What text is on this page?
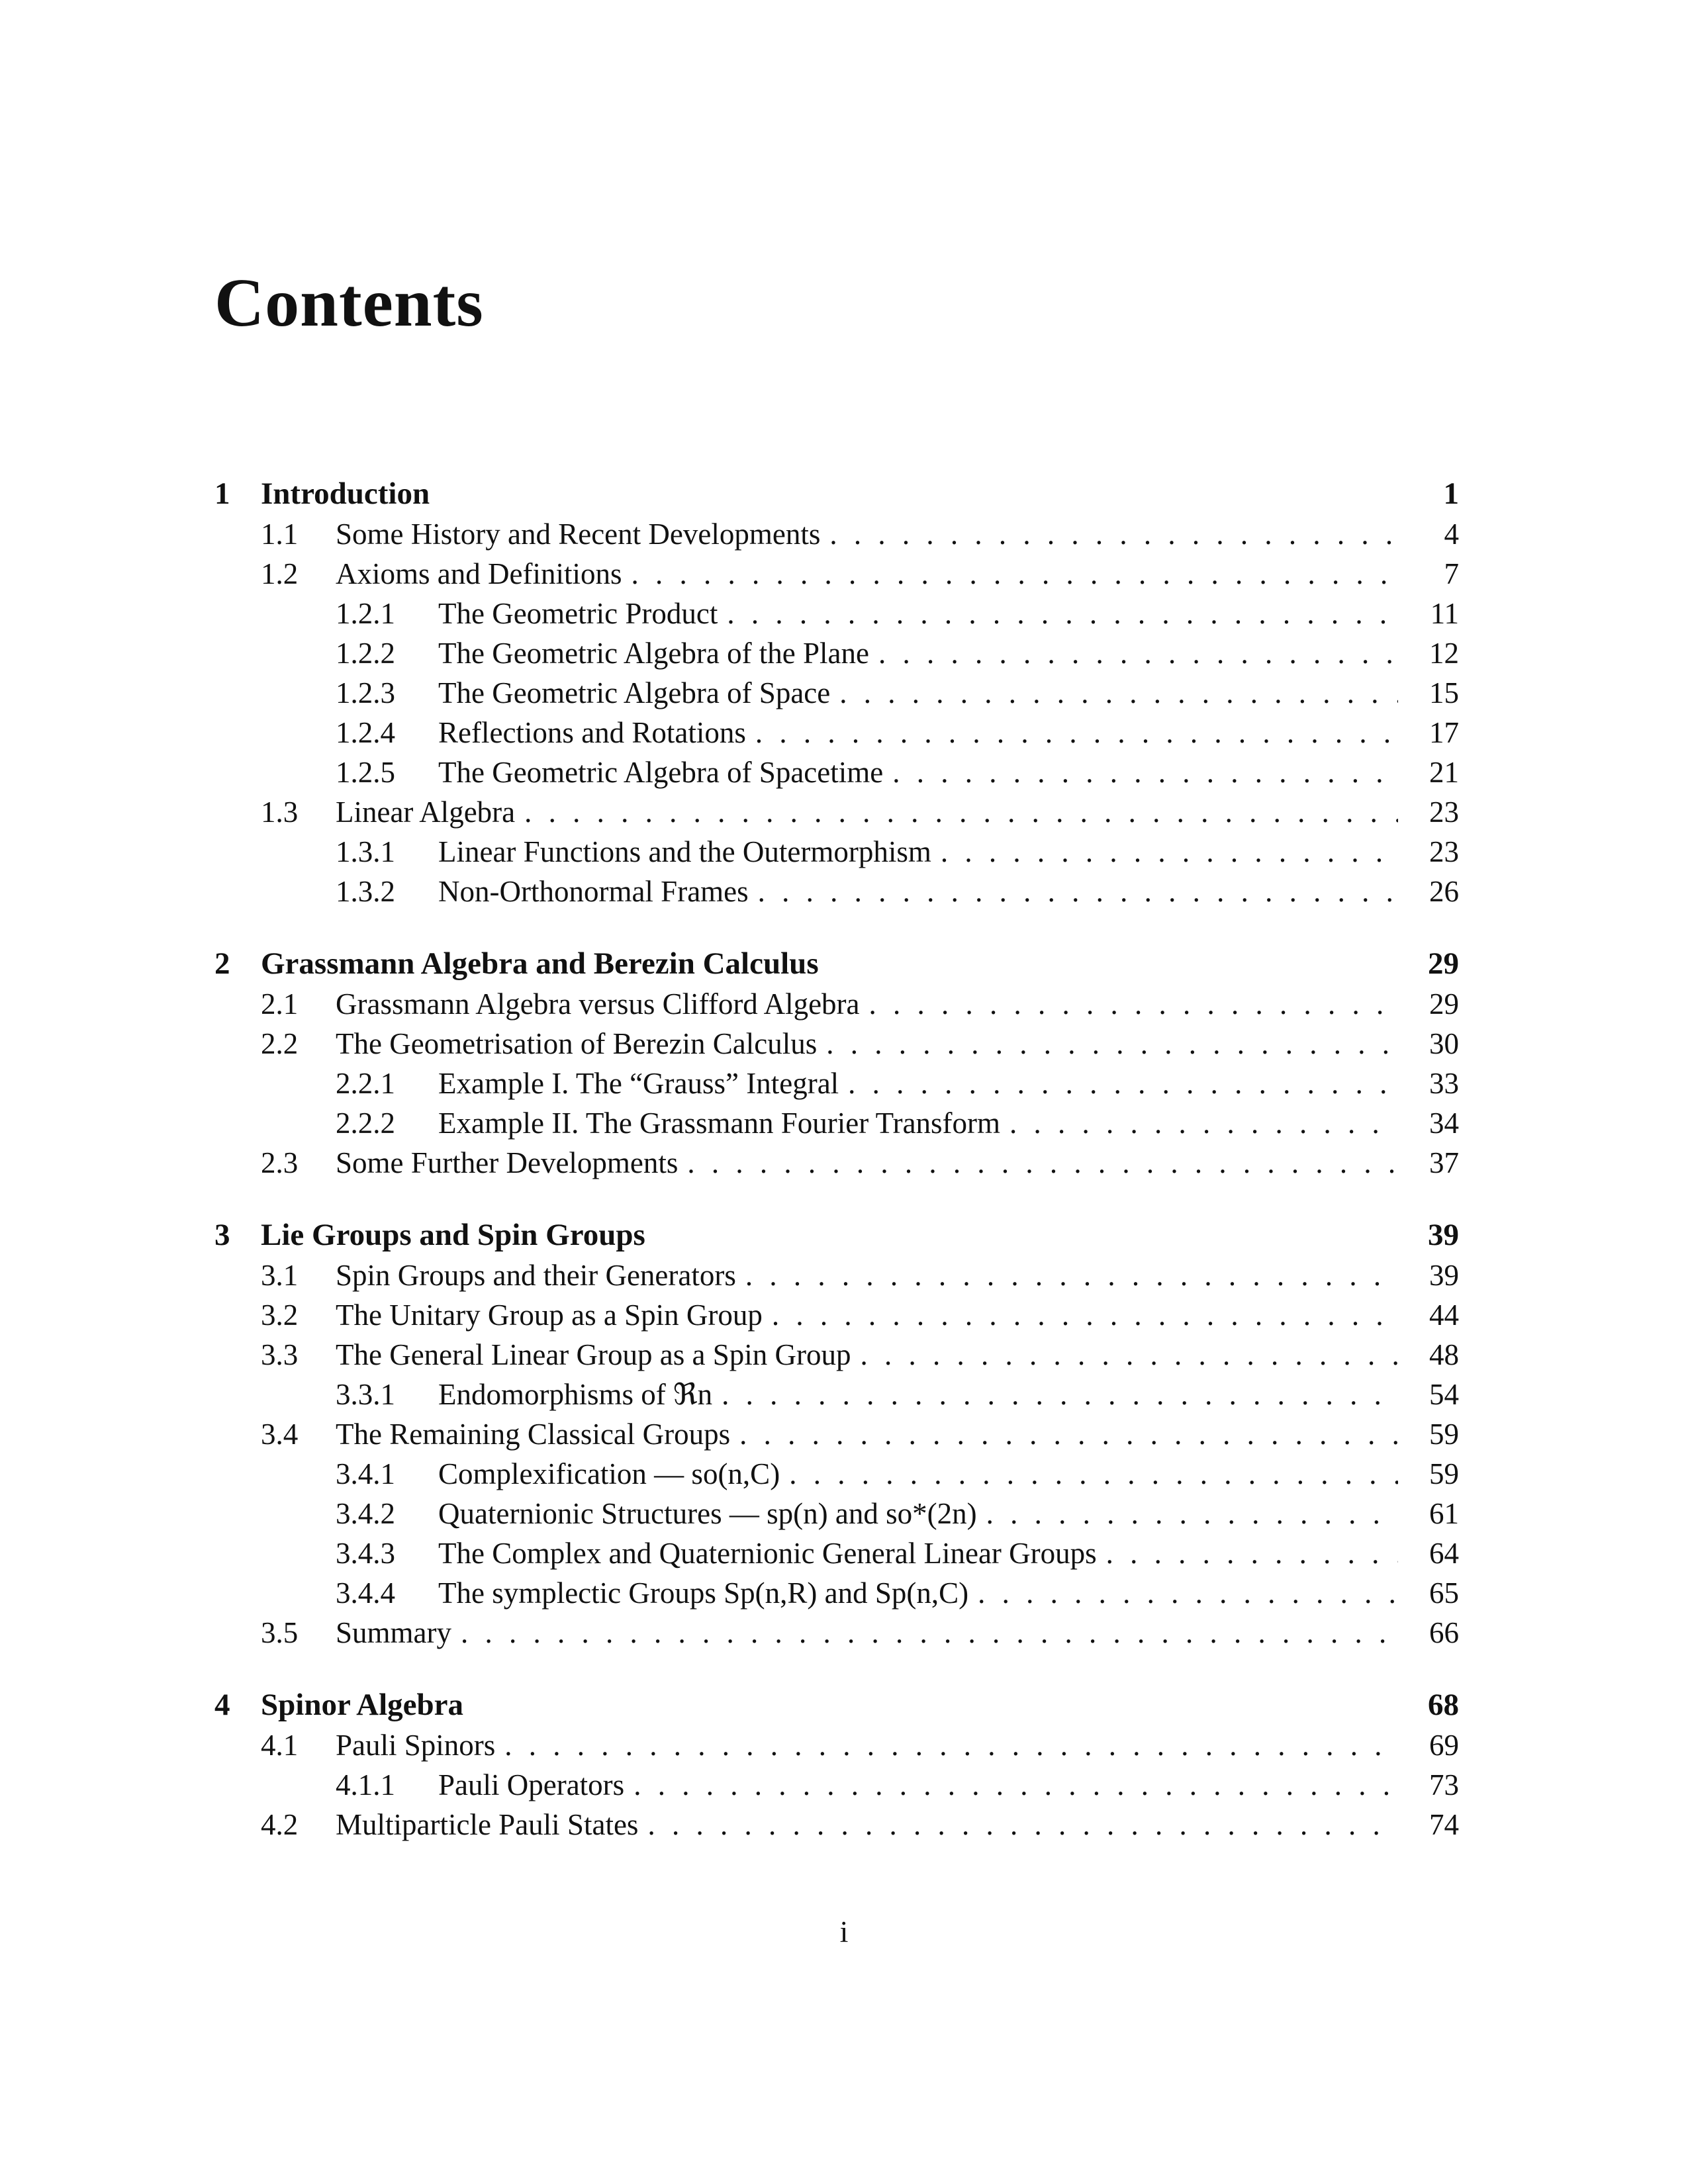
Contents
1 Introduction	1
1.1 Some History and Recent Developments . . .	4
1.2 Axioms and Definitions . . .	7
1.2.1 The Geometric Product . . .	11
1.2.2 The Geometric Algebra of the Plane . . .	12
1.2.3 The Geometric Algebra of Space . . .	15
1.2.4 Reflections and Rotations . . .	17
1.2.5 The Geometric Algebra of Spacetime . . .	21
1.3 Linear Algebra . . .	23
1.3.1 Linear Functions and the Outermorphism . . .	23
1.3.2 Non-Orthonormal Frames . . .	26
2 Grassmann Algebra and Berezin Calculus	29
2.1 Grassmann Algebra versus Clifford Algebra . . .	29
2.2 The Geometrisation of Berezin Calculus . . .	30
2.2.1 Example I. The “Grauss” Integral . . .	33
2.2.2 Example II. The Grassmann Fourier Transform . . .	34
2.3 Some Further Developments . . .	37
3 Lie Groups and Spin Groups	39
3.1 Spin Groups and their Generators . . .	39
3.2 The Unitary Group as a Spin Group . . .	44
3.3 The General Linear Group as a Spin Group . . .	48
3.3.1 Endomorphisms of ℜn . . .	54
3.4 The Remaining Classical Groups . . .	59
3.4.1 Complexification — so(n,C) . . .	59
3.4.2 Quaternionic Structures — sp(n) and so*(2n) . . .	61
3.4.3 The Complex and Quaternionic General Linear Groups . . .	64
3.4.4 The symplectic Groups Sp(n,R) and Sp(n,C) . . .	65
3.5 Summary . . .	66
4 Spinor Algebra	68
4.1 Pauli Spinors . . .	69
4.1.1 Pauli Operators . . .	73
4.2 Multiparticle Pauli States . . .	74
i
